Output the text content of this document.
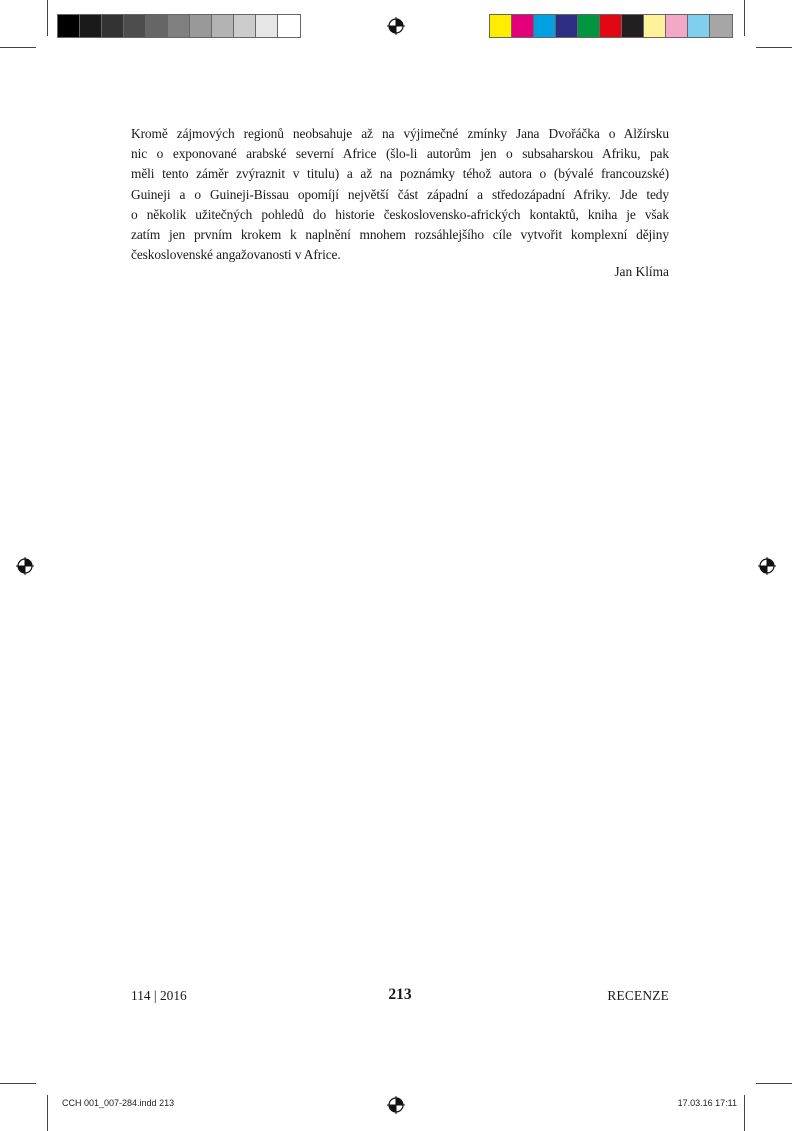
Kromě zájmových regionů neobsahuje až na výjimečné zmínky Jana Dvořáčka o Alžírsku
nic o exponované arabské severní Africe (šlo-li autorům jen o subsaharskou Afriku, pak
měli tento záměr zvýraznit v titulu) a až na poznámky téhož autora o (bývalé francouzské)
Guineji a o Guineji-Bissau opomíjí největší část západní a středozápadní Afriky. Jde tedy
o několik užitečných pohledů do historie československo-afrických kontaktů, kniha je však
zatím jen prvním krokem k naplnění mnohem rozsáhlejšího cíle vytvořit komplexní dějiny
československé angažovanosti v Africe.
Jan Klíma
114 | 2016	213	RECENZE
CCH 001_007-284.indd 213	17.03.16 17:11
